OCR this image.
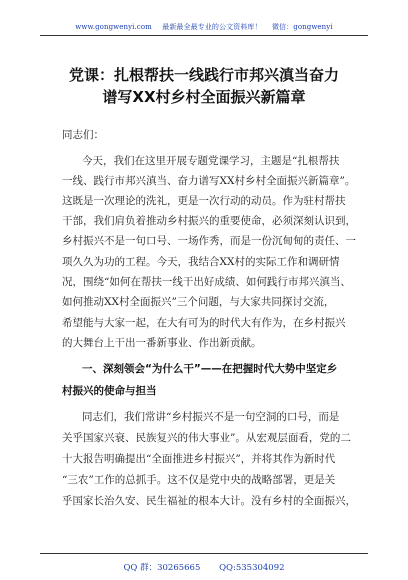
www.gongwenyi.com 最新最全最专业的公文资料库！ 微信：gongwenyi
党课：扎根帮扶一线践行市邦兴滇当奋力
谱写XX村乡村全面振兴新篇章
同志们：
今天，我们在这里开展专题党课学习，主题是“扎根帮扶
一线、践行市邦兴滇当、奋力谱写XX村乡村全面振兴新篇章”。
这既是一次理论的洗礼，更是一次行动的动员。作为驻村帮扶
干部，我们肩负着推动乡村振兴的重要使命，必须深刻认识到，
乡村振兴不是一句口号、一场作秀，而是一份沉甸甸的责任、一
项久久为功的工程。今天，我结合XX村的实际工作和调研情
况，围绕“如何在帮扶一线干出好成绩、如何践行市邦兴滇当、
如何推动XX村全面振兴”三个问题，与大家共同探讨交流，
希望能与大家一起，在大有可为的时代大有作为，在乡村振兴
的大舞台上干出一番新事业、作出新贡献。
一、深刻领会“为什么干”——在把握时代大势中坚定乡
村振兴的使命与担当
同志们，我们常讲“乡村振兴不是一句空洞的口号，而是
关乎国家兴衰、民族复兴的伟大事业”。从宏观层面看，党的二
十大报告明确提出“全面推进乡村振兴”，并将其作为新时代
“三农”工作的总抓手。这不仅是党中央的战略部署，更是关
乎国家长治久安、民生福祉的根本大计。没有乡村的全面振兴，
QQ 群：30265665 QQ:535304092
